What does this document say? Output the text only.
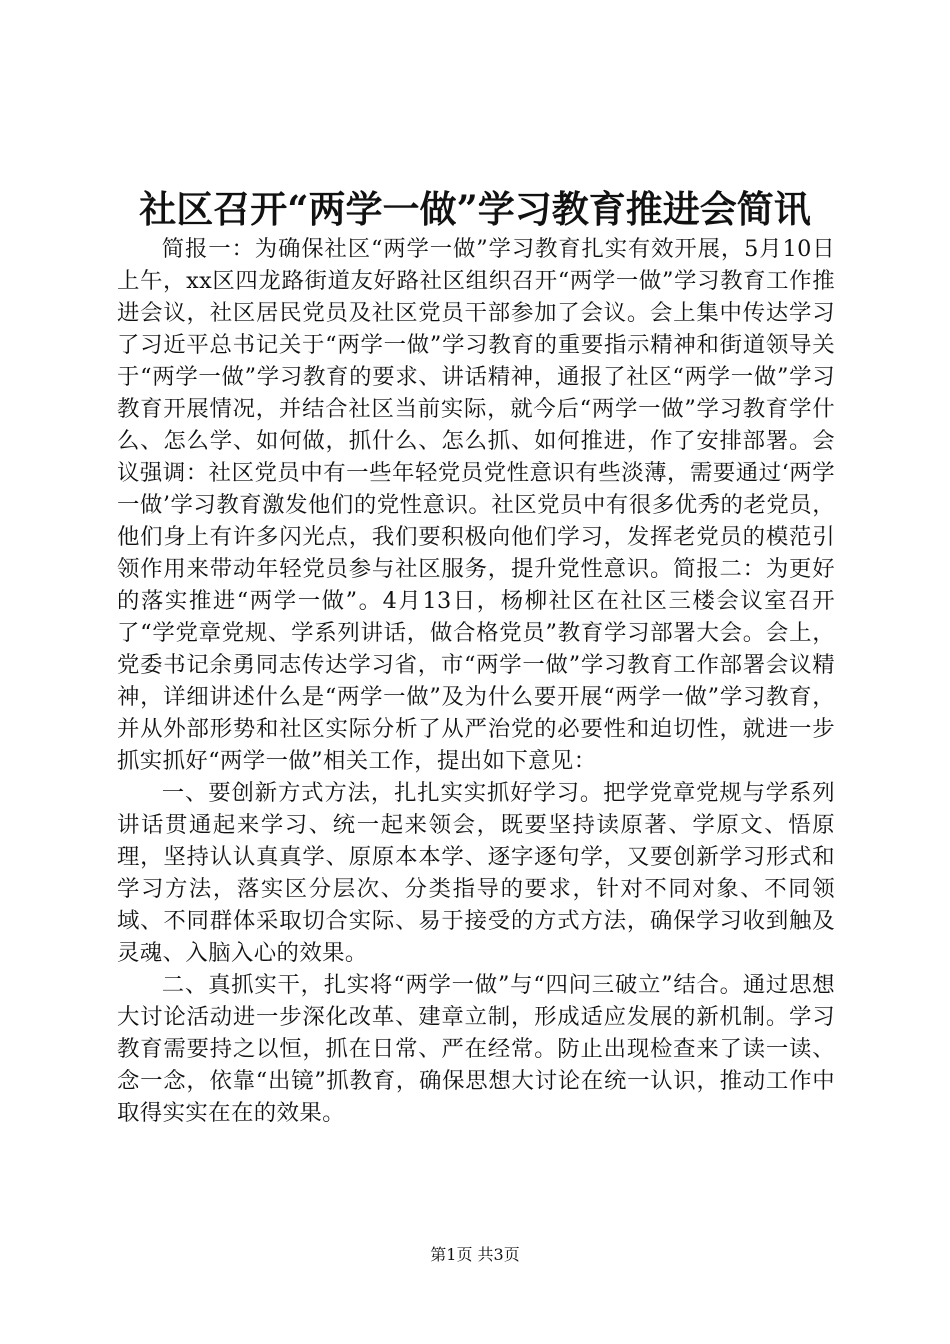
社区召开“两学一做”学习教育推进会简讯

简报一：为确保社区“两学一做”学习教育扎实有效开展，5月10日上午，xx区四龙路街道友好路社区组织召开“两学一做”学习教育工作推进会议，社区居民党员及社区党员干部参加了会议。会上集中传达学习了习近平总书记关于“两学一做”学习教育的重要指示精神和街道领导关于“两学一做”学习教育的要求、讲话精神，通报了社区“两学一做”学习教育开展情况，并结合社区当前实际，就今后“两学一做”学习教育学什么、怎么学、如何做，抓什么、怎么抓、如何推进，作了安排部署。会议强调：社区党员中有一些年轻党员党性意识有些淡薄，需要通过‘两学一做’学习教育激发他们的党性意识。社区党员中有很多优秀的老党员，他们身上有许多闪光点，我们要积极向他们学习，发挥老党员的模范引领作用来带动年轻党员参与社区服务，提升党性意识。简报二：为更好的落实推进“两学一做”。4月13日，杨柳社区在社区三楼会议室召开了“学党章党规、学系列讲话，做合格党员”教育学习部署大会。会上，党委书记余勇同志传达学习省，市“两学一做”学习教育工作部署会议精神，详细讲述什么是“两学一做”及为什么要开展“两学一做”学习教育，并从外部形势和社区实际分析了从严治党的必要性和迫切性，就进一步抓实抓好“两学一做”相关工作，提出如下意见：

一、要创新方式方法，扎扎实实抓好学习。把学党章党规与学系列讲话贯通起来学习、统一起来领会，既要坚持读原著、学原文、悟原理，坚持认认真真学、原原本本学、逐字逐句学，又要创新学习形式和学习方法，落实区分层次、分类指导的要求，针对不同对象、不同领域、不同群体采取切合实际、易于接受的方式方法，确保学习收到触及灵魂、入脑入心的效果。

二、真抓实干，扎实将“两学一做”与“四问三破立”结合。通过思想大讨论活动进一步深化改革、建章立制，形成适应发展的新机制。学习教育需要持之以恒，抓在日常、严在经常。防止出现检查来了读一读、念一念，依靠“出镜”抓教育，确保思想大讨论在统一认识，推动工作中取得实实在在的效果。

第1页 共3页
